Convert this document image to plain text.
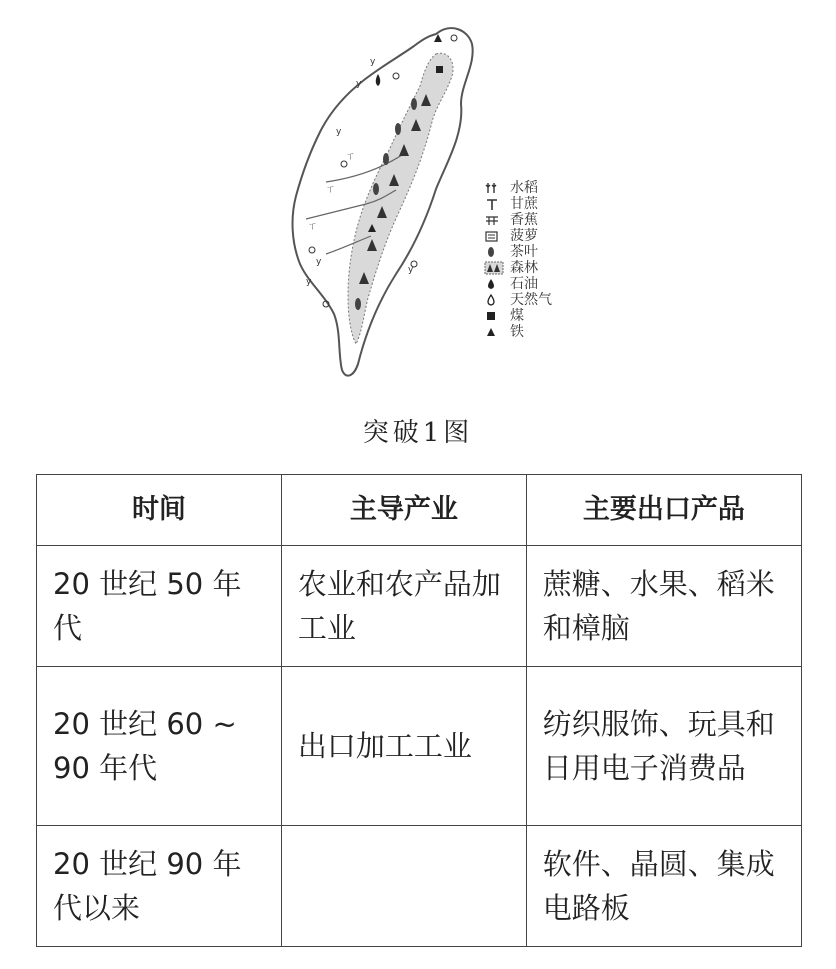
y
y
y
ㄒ
ㄒ
ㄒ
y
y
y
水稻
甘蔗
香蕉
菠萝
茶叶
森林
石油
天然气
煤
铁
突破1图
时间	主导产业	主要出口产品
20 世纪 50 年代	农业和农产品加工业	蔗糖、水果、稻米和樟脑
20 世纪 60 ~ 90 年代	出口加工工业	纺织服饰、玩具和日用电子消费品
20 世纪 90 年代以来		软件、晶圆、集成电路板
